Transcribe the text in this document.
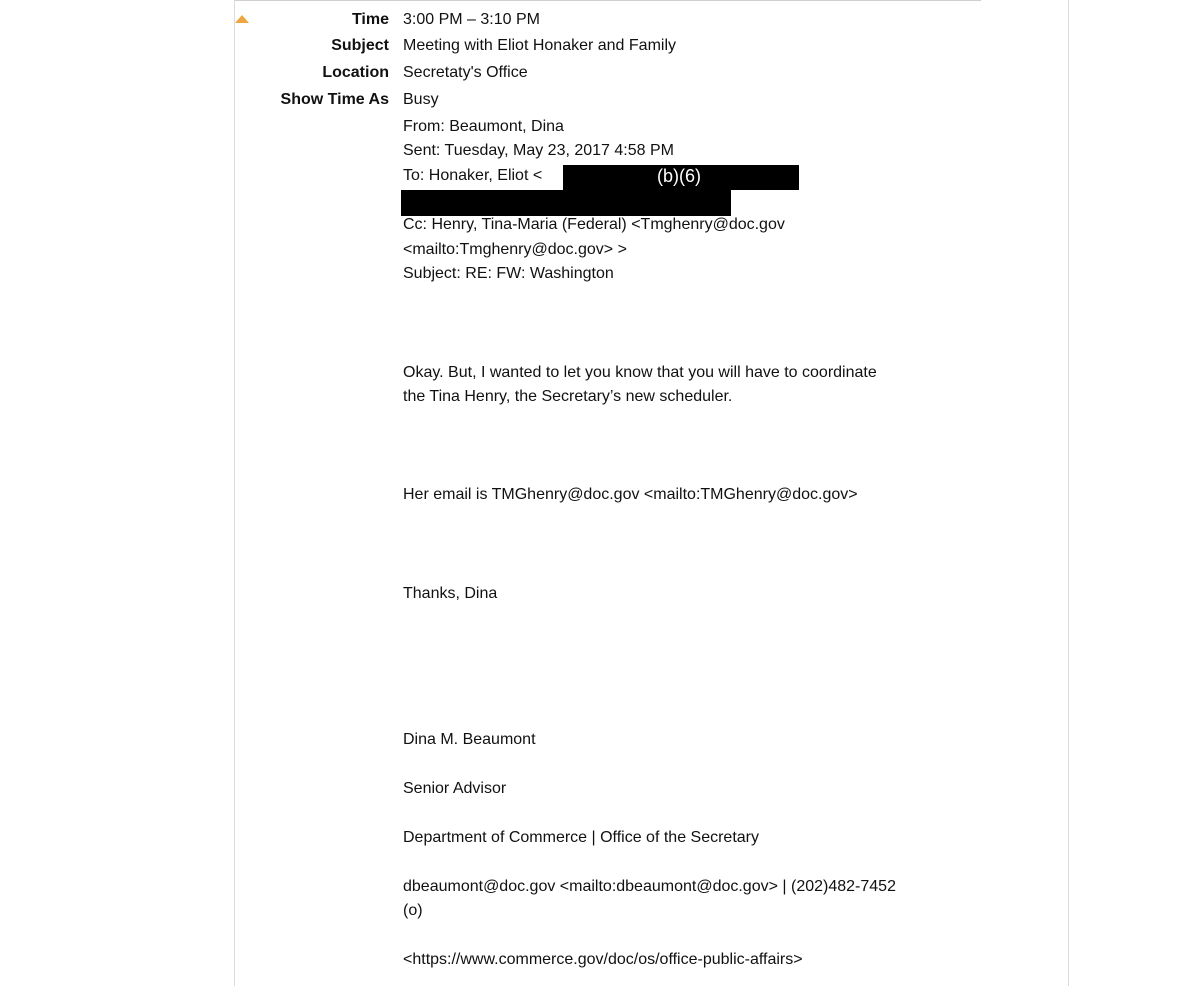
Time 3:00 PM – 3:10 PM
Subject Meeting with Eliot Honaker and Family
Location Secretaty's Office
Show Time As Busy
From: Beaumont, Dina
Sent: Tuesday, May 23, 2017 4:58 PM
To: Honaker, Eliot <	(b)(6)
Cc: Henry, Tina-Maria (Federal) <Tmghenry@doc.gov
<mailto:Tmghenry@doc.gov> >
Subject: RE: FW: Washington
Okay. But, I wanted to let you know that you will have to coordinate
the Tina Henry, the Secretary’s new scheduler.
Her email is TMGhenry@doc.gov <mailto:TMGhenry@doc.gov>
Thanks, Dina
Dina M. Beaumont
Senior Advisor
Department of Commerce | Office of the Secretary
dbeaumont@doc.gov <mailto:dbeaumont@doc.gov> | (202)482-7452
(o)
<https://www.commerce.gov/doc/os/office-public-affairs>
